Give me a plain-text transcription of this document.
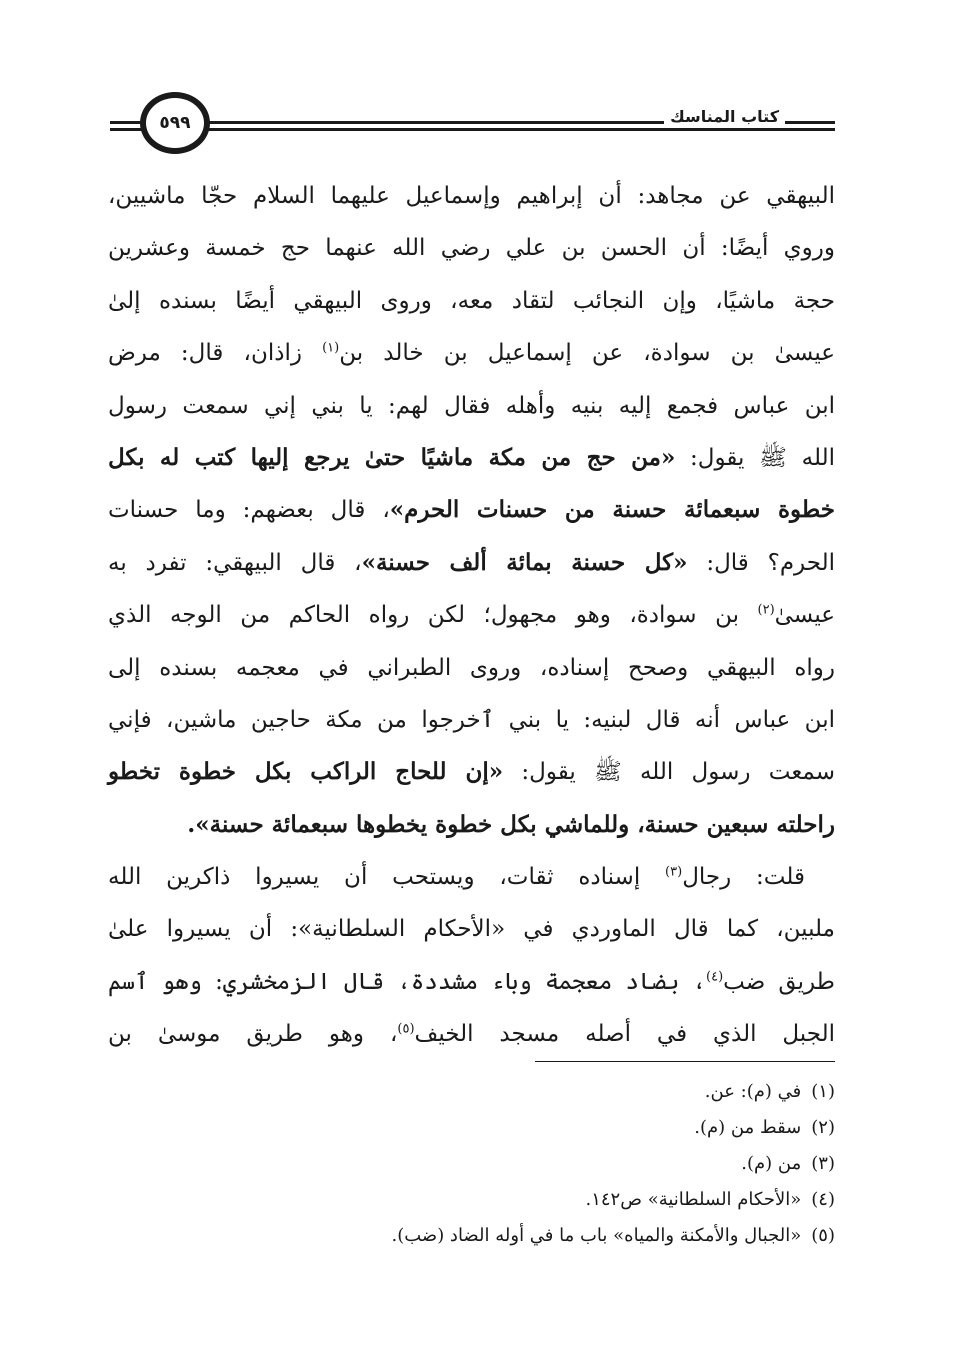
كتاب المناسك
٥٩٩
البيهقي عن مجاهد: أن إبراهيم وإسماعيل عليهما السلام حجّا ماشيين،
وروي أيضًا: أن الحسن بن علي رضي الله عنهما حج خمسة وعشرين
حجة ماشيًا، وإن النجائب لتقاد معه، وروى البيهقي أيضًا بسنده إلىٰ
عيسىٰ بن سوادة، عن إسماعيل بن خالد بن$^{(١)}$ زاذان، قال: مرض
ابن عباس فجمع إليه بنيه وأهله فقال لهم: يا بني إني سمعت رسول
الله ﷺ يقول: «من حج من مكة ماشيًا حتىٰ يرجع إليها كتب له بكل
خطوة سبعمائة حسنة من حسنات الحرم»، قال بعضهم: وما حسنات
الحرم؟ قال: «كل حسنة بمائة ألف حسنة»، قال البيهقي: تفرد به
عيسىٰ$^{(٢)}$ بن سوادة، وهو مجهول؛ لكن رواه الحاكم من الوجه الذي
رواه البيهقي وصحح إسناده، وروى الطبراني في معجمه بسنده إلى
ابن عباس أنه قال لبنيه: يا بني ٱخرجوا من مكة حاجين ماشين، فإني
سمعت رسول الله ﷺ يقول: «إن للحاج الراكب بكل خطوة تخطو
راحلته سبعين حسنة، وللماشي بكل خطوة يخطوها سبعمائة حسنة».
قلت: رجال$^{(٣)}$ إسناده ثقات، ويستحب أن يسيروا ذاكرين الله
ملبين، كما قال الماوردي في «الأحكام السلطانية»: أن يسيروا علىٰ
طريق ضب$^{(٤)}$، بضاد معجمة وباء مشددة، قال الزمخشري: وهو ٱسم
الجبل الذي في أصله مسجد الخيف$^{(٥)}$، وهو طريق موسىٰ بن
(١)في (م): عن.
(٢)سقط من (م).
(٣)من (م).
(٤)«الأحكام السلطانية» ص١٤٢.
(٥)«الجبال والأمكنة والمياه» باب ما في أوله الضاد (ضب).
